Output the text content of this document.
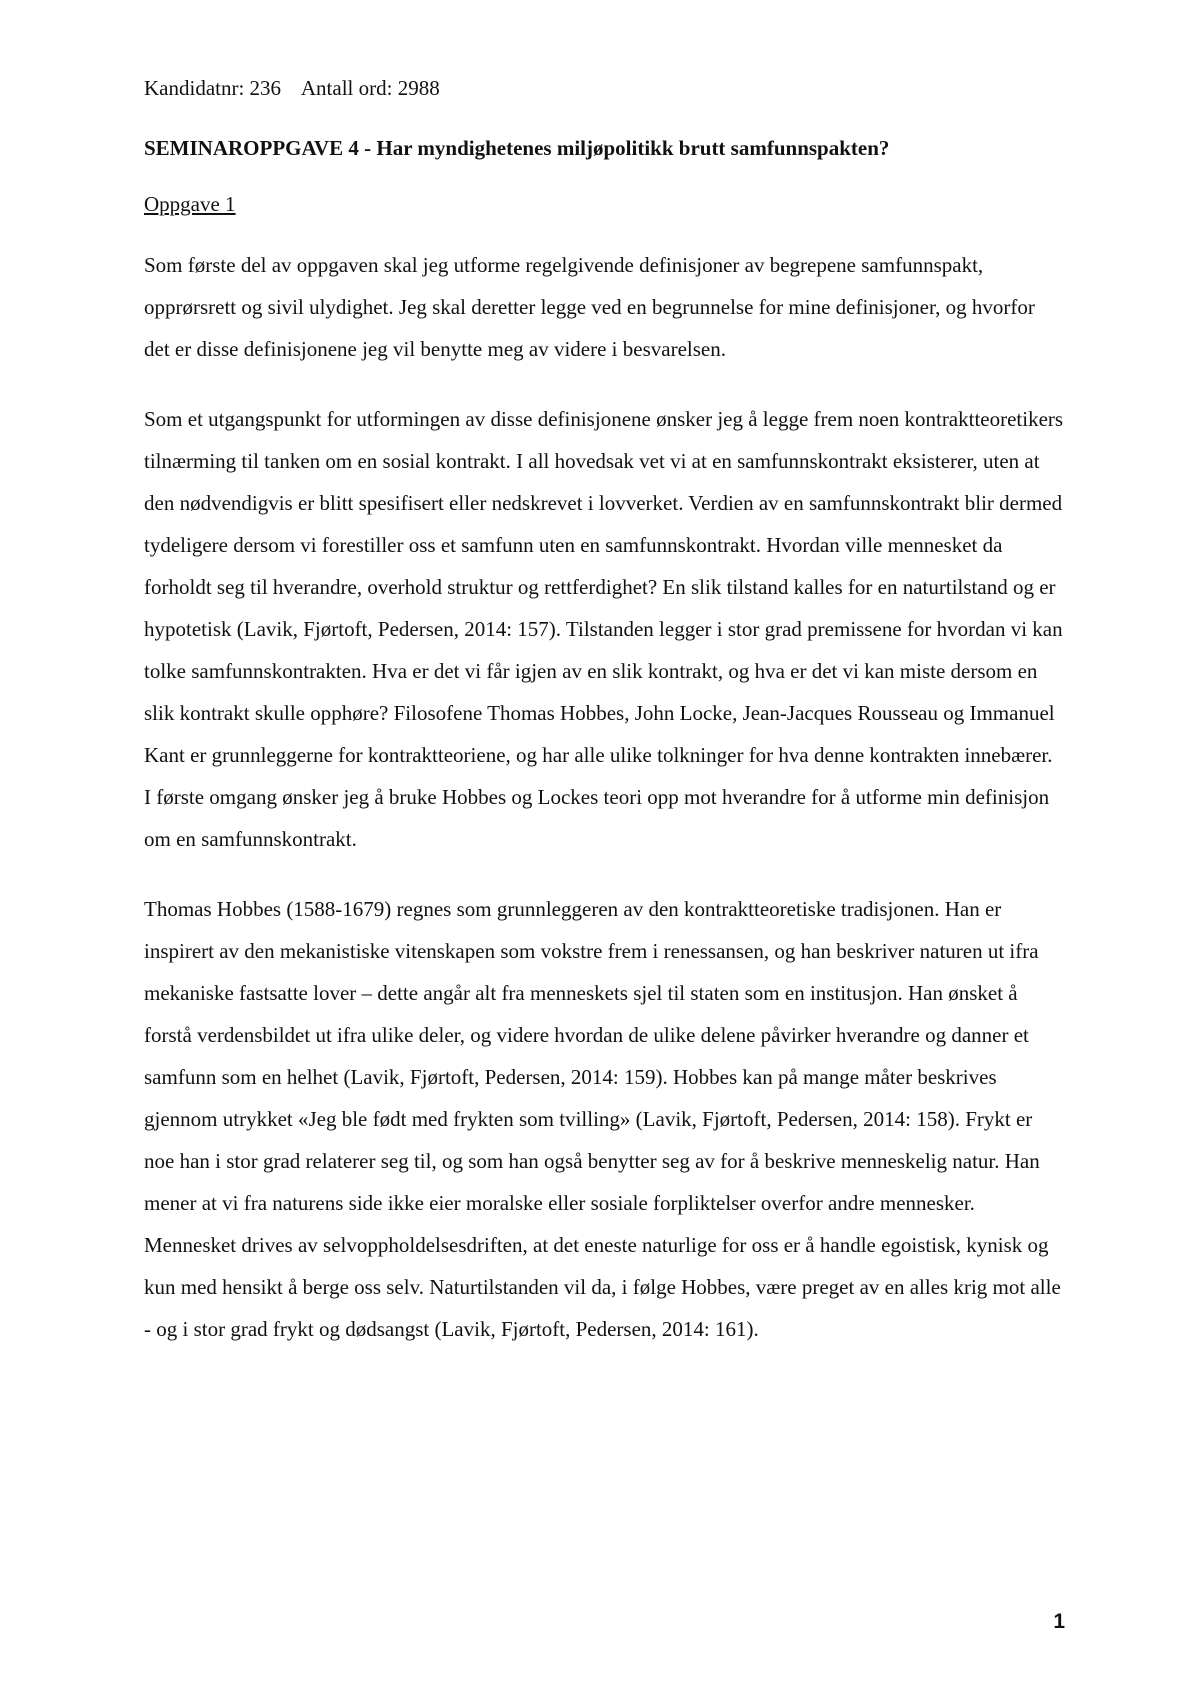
Kandidatnr: 236    Antall ord: 2988
SEMINAROPPGAVE 4 - Har myndighetenes miljøpolitikk brutt samfunnspakten?
Oppgave 1

Som første del av oppgaven skal jeg utforme regelgivende definisjoner av begrepene samfunnspakt, opprørsrett og sivil ulydighet. Jeg skal deretter legge ved en begrunnelse for mine definisjoner, og hvorfor det er disse definisjonene jeg vil benytte meg av videre i besvarelsen.

Som et utgangspunkt for utformingen av disse definisjonene ønsker jeg å legge frem noen kontraktteoretikers tilnærming til tanken om en sosial kontrakt. I all hovedsak vet vi at en samfunnskontrakt eksisterer, uten at den nødvendigvis er blitt spesifisert eller nedskrevet i lovverket. Verdien av en samfunnskontrakt blir dermed tydeligere dersom vi forestiller oss et samfunn uten en samfunnskontrakt. Hvordan ville mennesket da forholdt seg til hverandre, overhold struktur og rettferdighet? En slik tilstand kalles for en naturtilstand og er hypotetisk (Lavik, Fjørtoft, Pedersen, 2014: 157). Tilstanden legger i stor grad premissene for hvordan vi kan tolke samfunnskontrakten. Hva er det vi får igjen av en slik kontrakt, og hva er det vi kan miste dersom en slik kontrakt skulle opphøre? Filosofene Thomas Hobbes, John Locke, Jean-Jacques Rousseau og Immanuel Kant er grunnleggerne for kontraktteoriene, og har alle ulike tolkninger for hva denne kontrakten innebærer. I første omgang ønsker jeg å bruke Hobbes og Lockes teori opp mot hverandre for å utforme min definisjon om en samfunnskontrakt.

Thomas Hobbes (1588-1679) regnes som grunnleggeren av den kontraktteoretiske tradisjonen. Han er inspirert av den mekanistiske vitenskapen som vokstre frem i renessansen, og han beskriver naturen ut ifra mekaniske fastsatte lover – dette angår alt fra menneskets sjel til staten som en institusjon. Han ønsket å forstå verdensbildet ut ifra ulike deler, og videre hvordan de ulike delene påvirker hverandre og danner et samfunn som en helhet (Lavik, Fjørtoft, Pedersen, 2014: 159). Hobbes kan på mange måter beskrives gjennom utrykket «Jeg ble født med frykten som tvilling» (Lavik, Fjørtoft, Pedersen, 2014: 158). Frykt er noe han i stor grad relaterer seg til, og som han også benytter seg av for å beskrive menneskelig natur. Han mener at vi fra naturens side ikke eier moralske eller sosiale forpliktelser overfor andre mennesker. Mennesket drives av selvoppholdelsesdriften, at det eneste naturlige for oss er å handle egoistisk, kynisk og kun med hensikt å berge oss selv. Naturtilstanden vil da, i følge Hobbes, være preget av en alles krig mot alle - og i stor grad frykt og dødsangst (Lavik, Fjørtoft, Pedersen, 2014: 161).

1
